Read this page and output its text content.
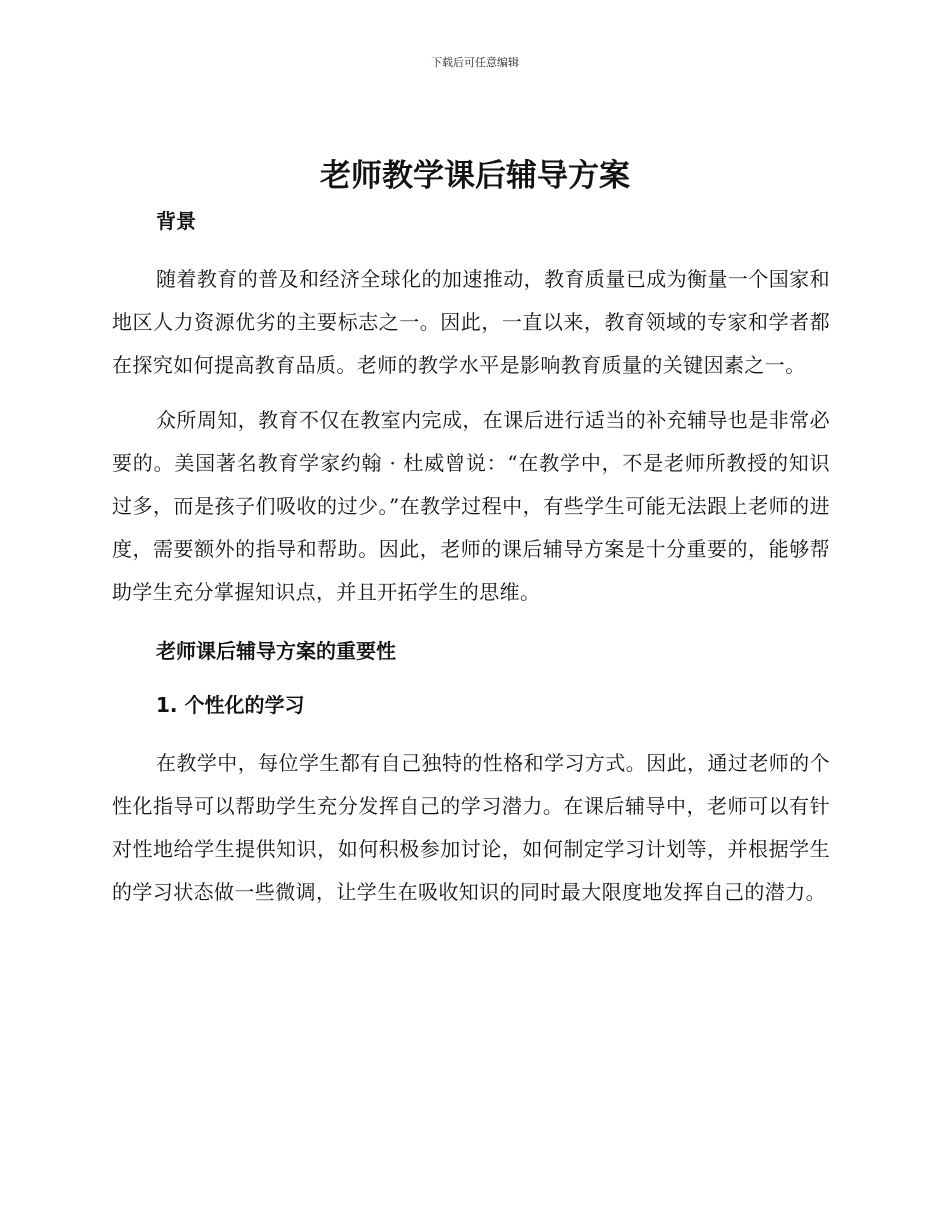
下载后可任意编辑
老师教学课后辅导方案
背景

随着教育的普及和经济全球化的加速推动，教育质量已成为衡量一个国家和地区人力资源优劣的主要标志之一。因此，一直以来，教育领域的专家和学者都在探究如何提高教育品质。老师的教学水平是影响教育质量的关键因素之一。

众所周知，教育不仅在教室内完成，在课后进行适当的补充辅导也是非常必要的。美国著名教育学家约翰 · 杜威曾说：“在教学中，不是老师所教授的知识过多，而是孩子们吸收的过少。”在教学过程中，有些学生可能无法跟上老师的进度，需要额外的指导和帮助。因此，老师的课后辅导方案是十分重要的，能够帮助学生充分掌握知识点，并且开拓学生的思维。

老师课后辅导方案的重要性
1. 个性化的学习

在教学中，每位学生都有自己独特的性格和学习方式。因此，通过老师的个性化指导可以帮助学生充分发挥自己的学习潜力。在课后辅导中，老师可以有针对性地给学生提供知识，如何积极参加讨论，如何制定学习计划等，并根据学生的学习状态做一些微调，让学生在吸收知识的同时最大限度地发挥自己的潜力。
